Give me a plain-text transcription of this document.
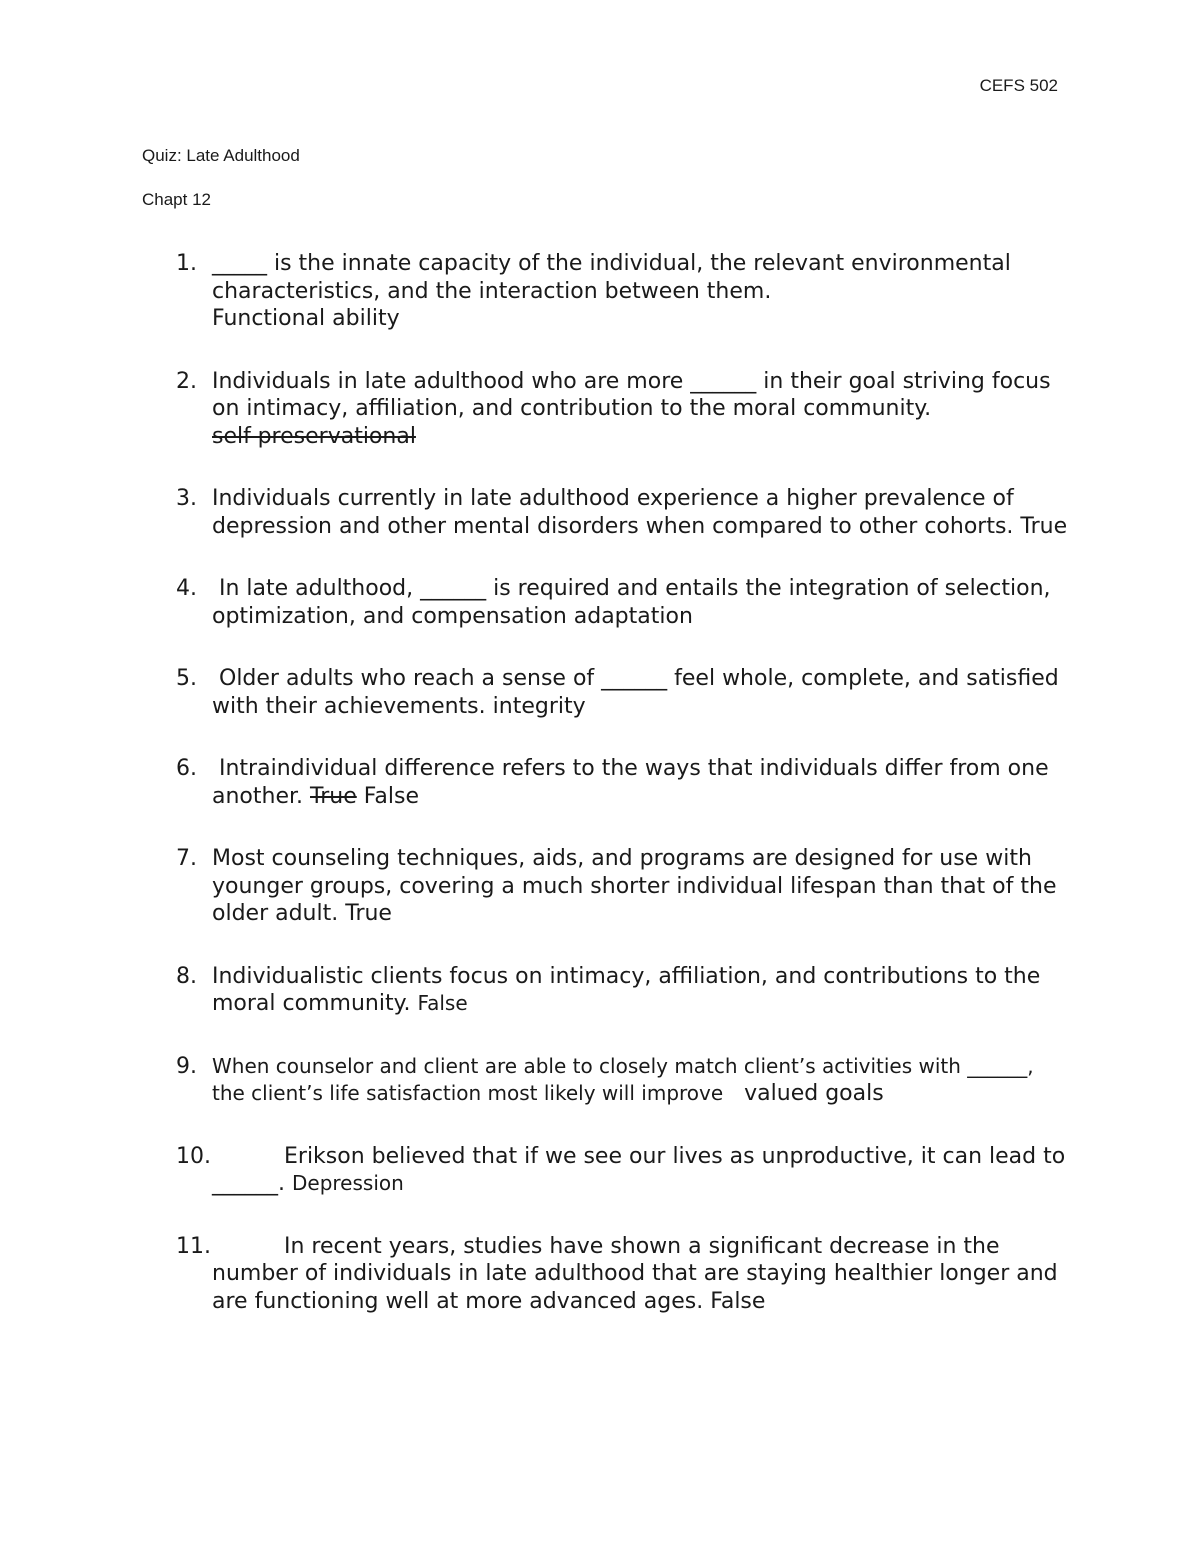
CEFS 502
Quiz: Late Adulthood
Chapt 12
1. _____ is the innate capacity of the individual, the relevant environmental characteristics, and the interaction between them.
Functional ability
2. Individuals in late adulthood who are more ______ in their goal striving focus on intimacy, affiliation, and contribution to the moral community.
self-preservational
3. Individuals currently in late adulthood experience a higher prevalence of depression and other mental disorders when compared to other cohorts. True
4. In late adulthood, ______ is required and entails the integration of selection, optimization, and compensation adaptation
5. Older adults who reach a sense of ______ feel whole, complete, and satisfied with their achievements. integrity
6. Intraindividual difference refers to the ways that individuals differ from one another. True False
7. Most counseling techniques, aids, and programs are designed for use with younger groups, covering a much shorter individual lifespan than that of the older adult. True
8. Individualistic clients focus on intimacy, affiliation, and contributions to the moral community. False
9. When counselor and client are able to closely match client’s activities with ______, the client’s life satisfaction most likely will improve valued goals
10.	Erikson believed that if we see our lives as unproductive, it can lead to ______. Depression
11.	In recent years, studies have shown a significant decrease in the number of individuals in late adulthood that are staying healthier longer and are functioning well at more advanced ages. False
